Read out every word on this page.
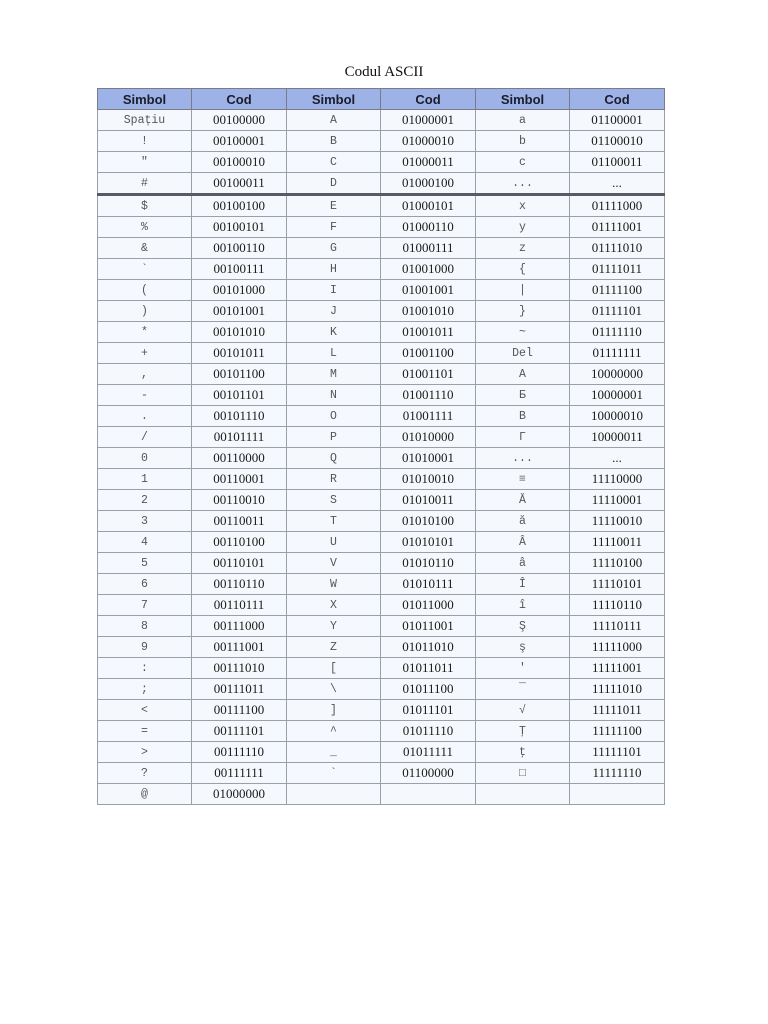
Codul ASCII
Simbol	Cod	Simbol	Cod	Simbol	Cod
Spațiu	00100000	A	01000001	a	01100001
!	00100001	B	01000010	b	01100010
"	00100010	C	01000011	c	01100011
#	00100011	D	01000100	...	...
$	00100100	E	01000101	x	01111000
%	00100101	F	01000110	y	01111001
&	00100110	G	01000111	z	01111010
`	00100111	H	01001000	{	01111011
(	00101000	I	01001001	|	01111100
)	00101001	J	01001010	}	01111101
*	00101010	K	01001011	~	01111110
+	00101011	L	01001100	Del	01111111
,	00101100	M	01001101	А	10000000
-	00101101	N	01001110	Б	10000001
.	00101110	O	01001111	В	10000010
/	00101111	P	01010000	Г	10000011
0	00110000	Q	01010001	...	...
1	00110001	R	01010010	≡	11110000
2	00110010	S	01010011	Ă	11110001
3	00110011	T	01010100	ă	11110010
4	00110100	U	01010101	Â	11110011
5	00110101	V	01010110	â	11110100
6	00110110	W	01010111	Î	11110101
7	00110111	X	01011000	î	11110110
8	00111000	Y	01011001	Ş	11110111
9	00111001	Z	01011010	ş	11111000
:	00111010	[	01011011	'	11111001
;	00111011	\	01011100	¯	11111010
<	00111100	]	01011101	√	11111011
=	00111101	^	01011110	Ţ	11111100
>	00111110	_	01011111	ţ	11111101
?	00111111	`	01100000	□	11111110
@	01000000				
